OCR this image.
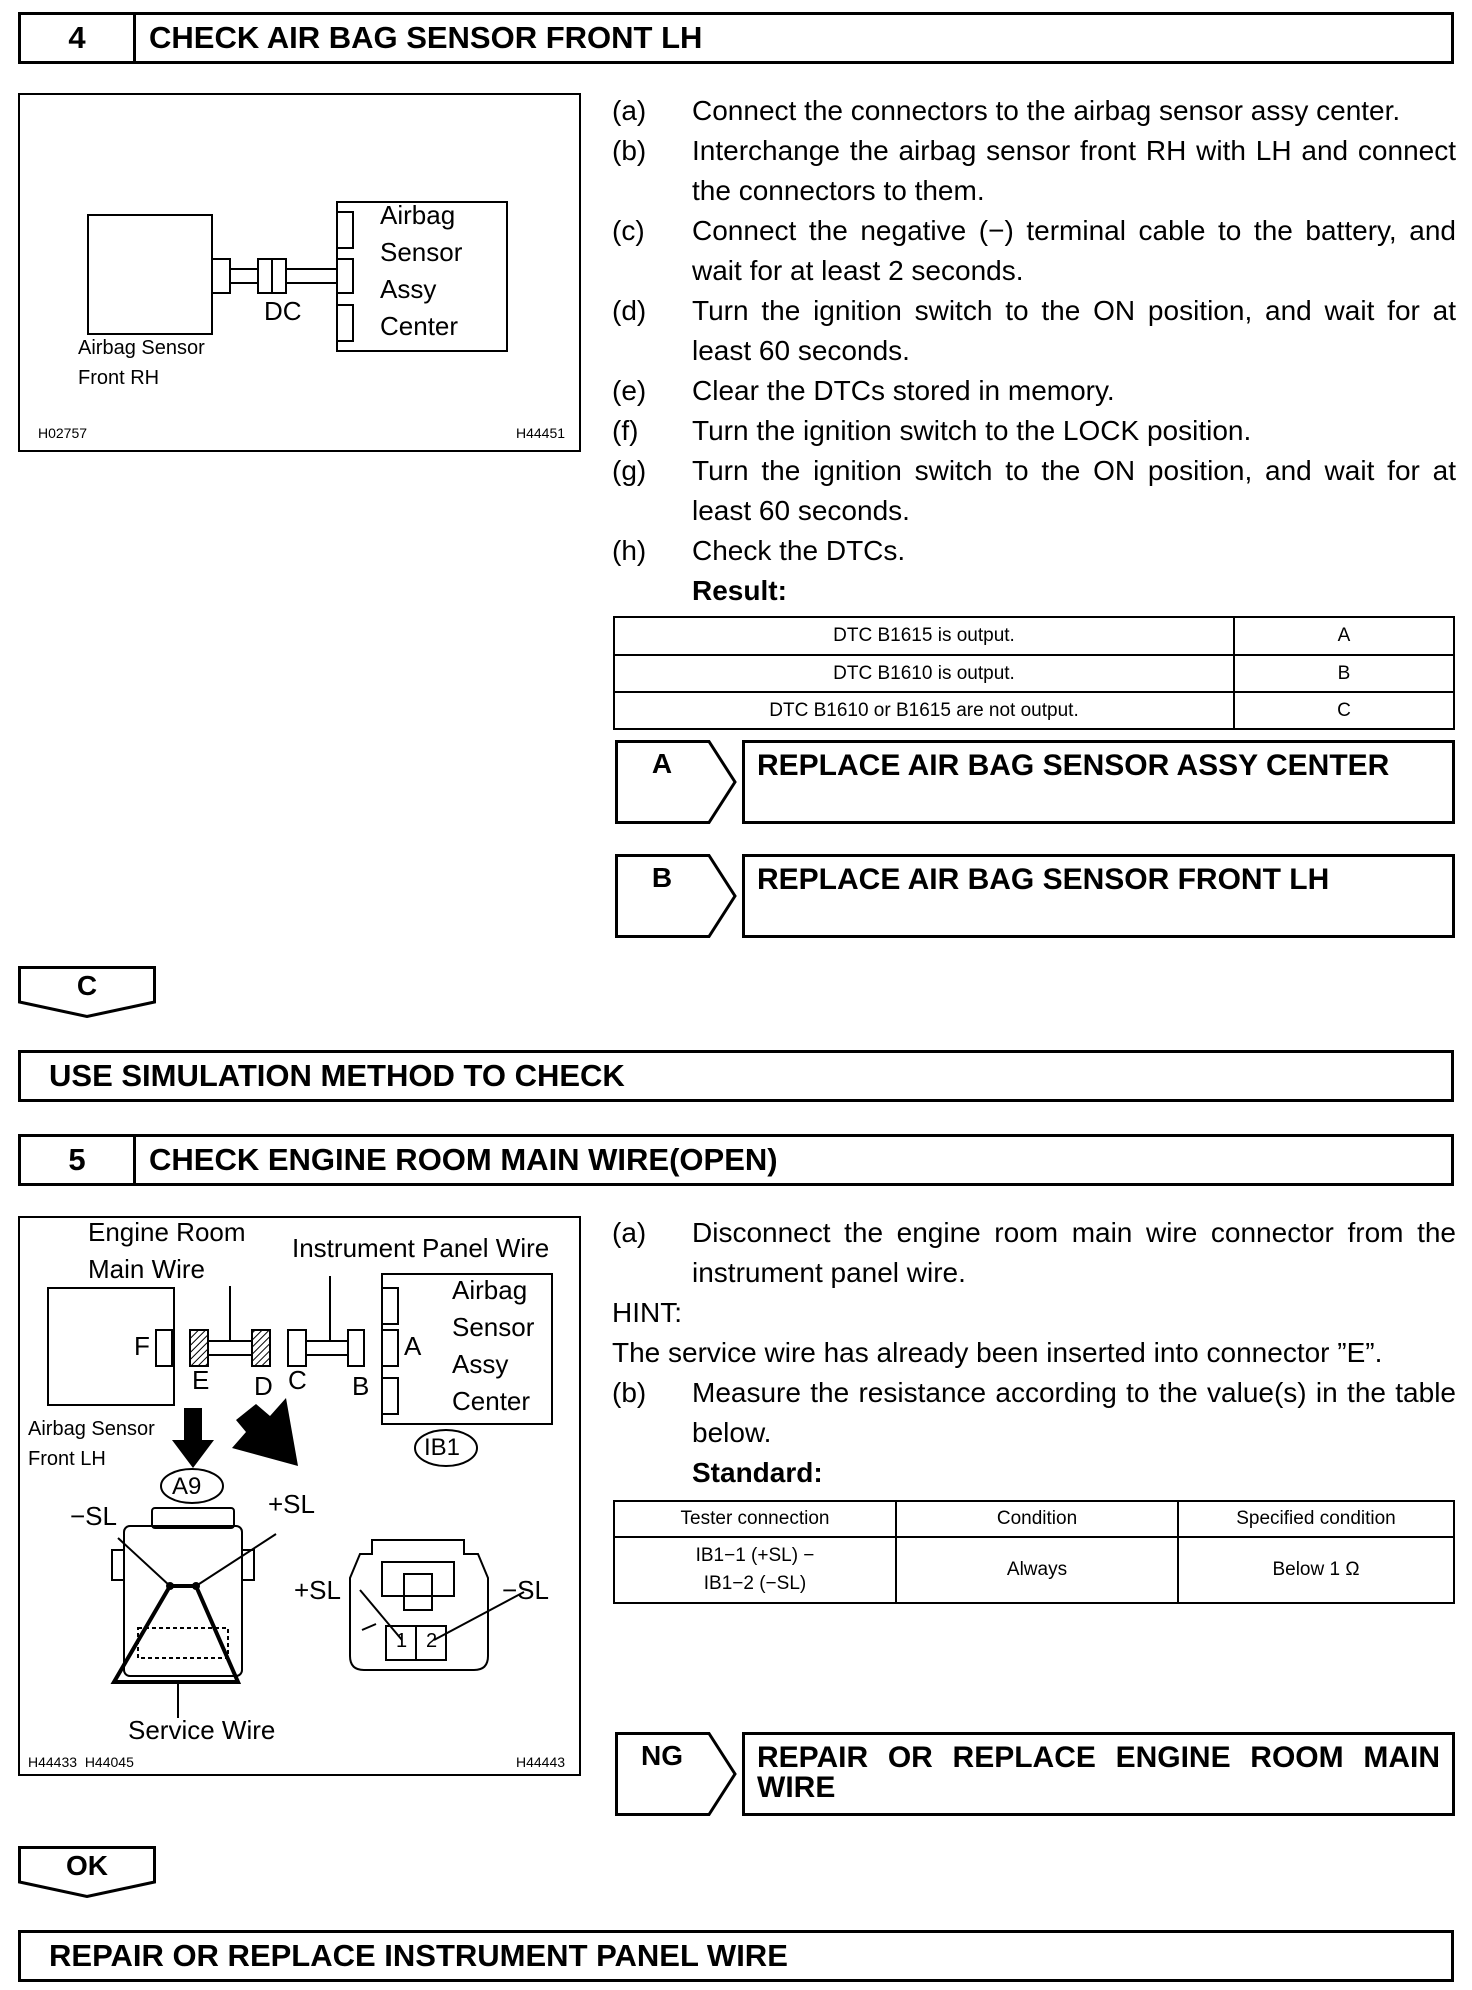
4	CHECK AIR BAG SENSOR FRONT LH
Airbag
Sensor
Assy
Center
DC
Airbag Sensor
Front RH
H02757	H44451
(a) Connect the connectors to the airbag sensor assy center.
(b) Interchange the airbag sensor front RH with LH and connect the connectors to them.
(c) Connect the negative (−) terminal cable to the battery, and wait for at least 2 seconds.
(d) Turn the ignition switch to the ON position, and wait for at least 60 seconds.
(e) Clear the DTCs stored in memory.
(f) Turn the ignition switch to the LOCK position.
(g) Turn the ignition switch to the ON position, and wait for at least 60 seconds.
(h) Check the DTCs.
Result:
DTC B1615 is output.	A
DTC B1610 is output.	B
DTC B1610 or B1615 are not output.	C
A	REPLACE AIR BAG SENSOR ASSY CENTER
B	REPLACE AIR BAG SENSOR FRONT LH
C
USE SIMULATION METHOD TO CHECK
5	CHECK ENGINE ROOM MAIN WIRE(OPEN)
Engine Room
Main Wire
Instrument Panel Wire
Airbag
Sensor
Assy
Center
F
E D C B
A
Airbag Sensor
Front LH
A9
IB1
−SL	+SL
+SL	−SL
1 2
Service Wire
H44433  H44045	H44443
(a) Disconnect the engine room main wire connector from the instrument panel wire.
HINT:
The service wire has already been inserted into connector ”E”.
(b) Measure the resistance according to the value(s) in the table below.
Standard:
Tester connection	Condition	Specified condition

IB1−1 (+SL) −
IB1−2 (−SL)	Always	Below 1 Ω
NG	REPAIR OR REPLACE ENGINE ROOM MAIN WIRE
OK
REPAIR OR REPLACE INSTRUMENT PANEL WIRE
